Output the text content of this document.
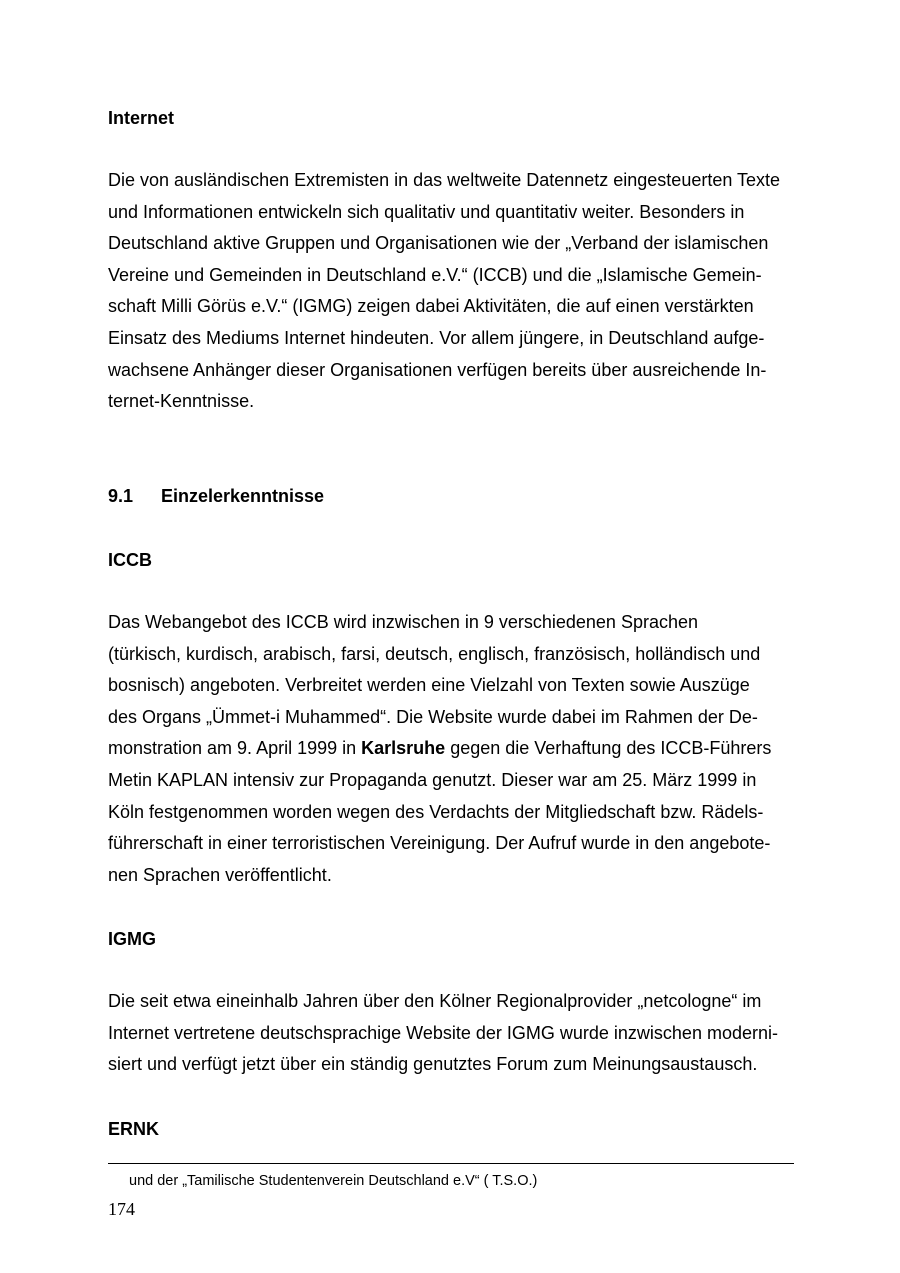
Internet
Die von ausländischen Extremisten in das weltweite Datennetz eingesteuerten Texte
und Informationen entwickeln sich qualitativ und quantitativ weiter. Besonders in
Deutschland aktive Gruppen und Organisationen wie der „Verband der islamischen
Vereine und Gemeinden in Deutschland e.V.“ (ICCB) und die „Islamische Gemein-
schaft Milli Görüs e.V.“ (IGMG) zeigen dabei Aktivitäten, die auf einen verstärkten
Einsatz des Mediums Internet hindeuten. Vor allem jüngere, in Deutschland aufge-
wachsene Anhänger dieser Organisationen verfügen bereits über ausreichende In-
ternet-Kenntnisse.
9.1 Einzelerkenntnisse
ICCB
Das Webangebot des ICCB wird inzwischen in 9 verschiedenen Sprachen
(türkisch, kurdisch, arabisch, farsi, deutsch, englisch, französisch, holländisch und
bosnisch) angeboten. Verbreitet werden eine Vielzahl von Texten sowie Auszüge
des Organs „Ümmet-i Muhammed“. Die Website wurde dabei im Rahmen der De-
monstration am 9. April 1999 in Karlsruhe gegen die Verhaftung des ICCB-Führers
Metin KAPLAN intensiv zur Propaganda genutzt. Dieser war am 25. März 1999 in
Köln festgenommen worden wegen des Verdachts der Mitgliedschaft bzw. Rädels-
führerschaft in einer terroristischen Vereinigung. Der Aufruf wurde in den angebote-
nen Sprachen veröffentlicht.
IGMG
Die seit etwa eineinhalb Jahren über den Kölner Regionalprovider „netcologne“ im
Internet vertretene deutschsprachige Website der IGMG wurde inzwischen moderni-
siert und verfügt jetzt über ein ständig genutztes Forum zum Meinungsaustausch.
ERNK
und der „Tamilische Studentenverein Deutschland e.V“ ( T.S.O.)
174
